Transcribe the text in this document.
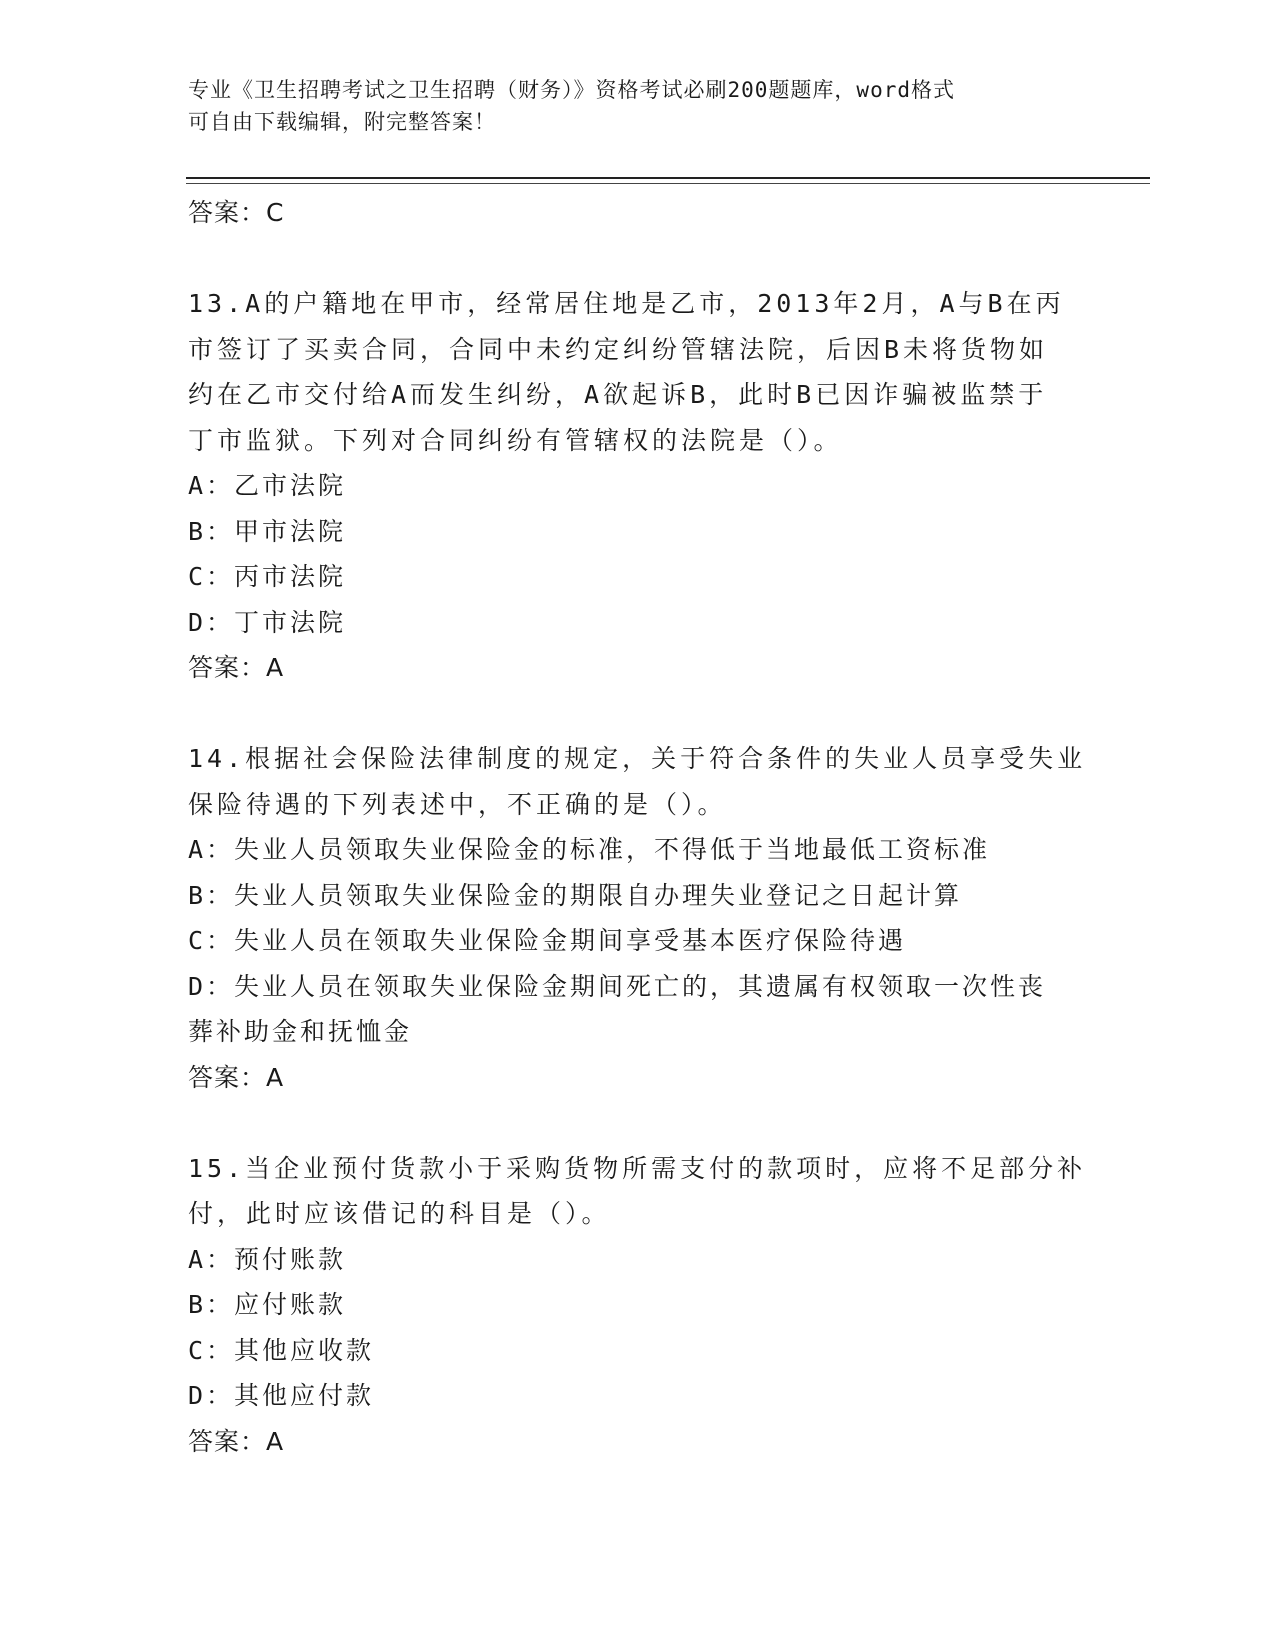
专业《卫生招聘考试之卫生招聘（财务）》资格考试必刷200题题库，word格式
可自由下载编辑，附完整答案！
答案：C
13.A的户籍地在甲市，经常居住地是乙市，2013年2月，A与B在丙
市签订了买卖合同，合同中未约定纠纷管辖法院，后因B未将货物如
约在乙市交付给A而发生纠纷，A欲起诉B，此时B已因诈骗被监禁于
丁市监狱。下列对合同纠纷有管辖权的法院是（）。
A：乙市法院
B：甲市法院
C：丙市法院
D：丁市法院
答案：A
14.根据社会保险法律制度的规定，关于符合条件的失业人员享受失业
保险待遇的下列表述中，不正确的是（）。
A：失业人员领取失业保险金的标准，不得低于当地最低工资标准
B：失业人员领取失业保险金的期限自办理失业登记之日起计算
C：失业人员在领取失业保险金期间享受基本医疗保险待遇
D：失业人员在领取失业保险金期间死亡的，其遗属有权领取一次性丧
葬补助金和抚恤金
答案：A
15.当企业预付货款小于采购货物所需支付的款项时，应将不足部分补
付，此时应该借记的科目是（）。
A：预付账款
B：应付账款
C：其他应收款
D：其他应付款
答案：A
